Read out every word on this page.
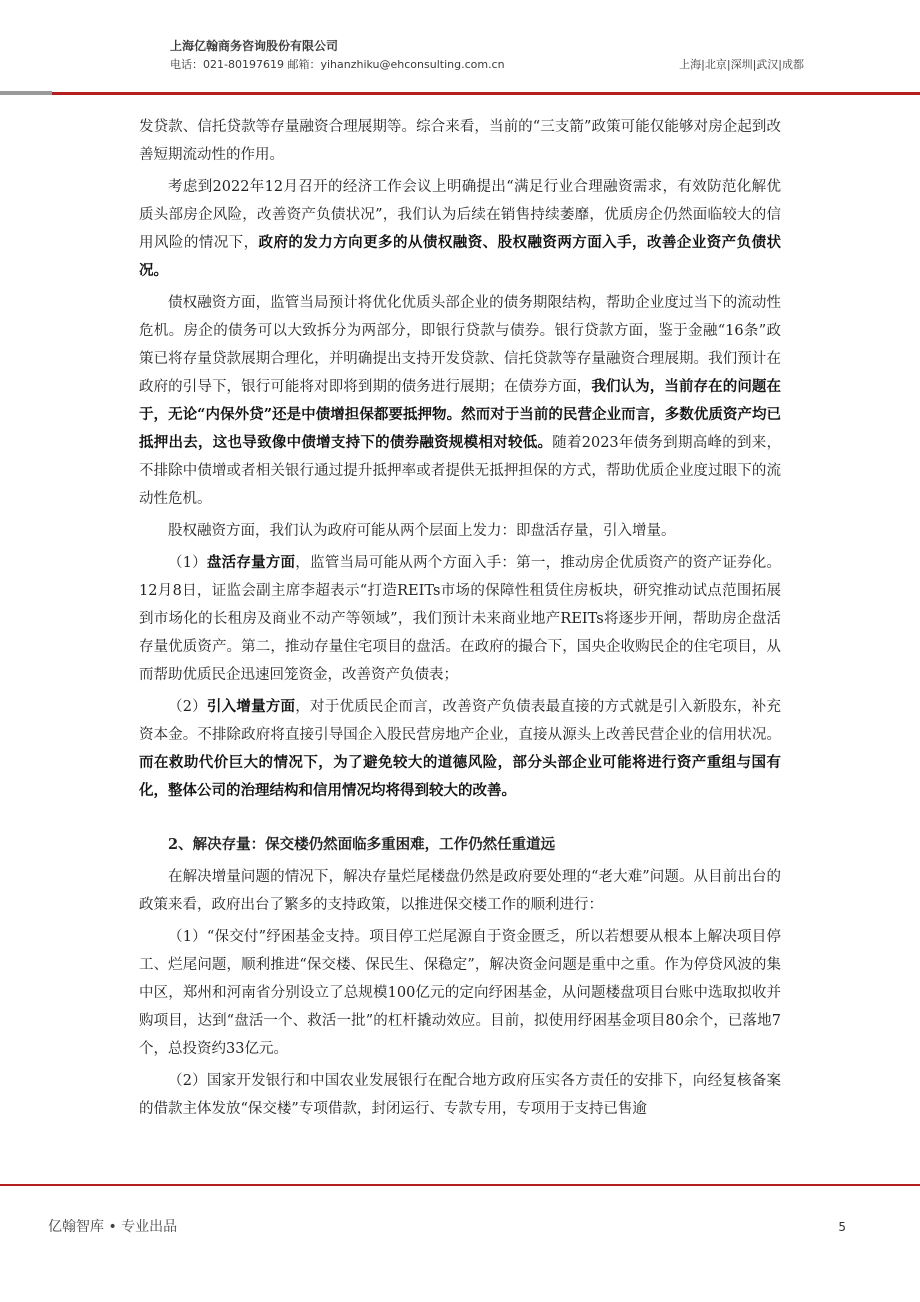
上海亿翰商务咨询股份有限公司
电话：021-80197619 邮箱：yihanzhiku@ehconsulting.com.cn	上海|北京|深圳|武汉|成都

发贷款、信托贷款等存量融资合理展期等。综合来看，当前的“三支箭”政策可能仅能够对房企起到改善短期流动性的作用。

考虑到2022年12月召开的经济工作会议上明确提出“满足行业合理融资需求，有效防范化解优质头部房企风险，改善资产负债状况”，我们认为后续在销售持续萎靡，优质房企仍然面临较大的信用风险的情况下，政府的发力方向更多的从债权融资、股权融资两方面入手，改善企业资产负债状况。

债权融资方面，监管当局预计将优化优质头部企业的债务期限结构，帮助企业度过当下的流动性危机。房企的债务可以大致拆分为两部分，即银行贷款与债券。银行贷款方面，鉴于金融“16条”政策已将存量贷款展期合理化，并明确提出支持开发贷款、信托贷款等存量融资合理展期。我们预计在政府的引导下，银行可能将对即将到期的债务进行展期；在债券方面，我们认为，当前存在的问题在于，无论“内保外贷”还是中债增担保都要抵押物。然而对于当前的民营企业而言，多数优质资产均已抵押出去，这也导致像中债增支持下的债券融资规模相对较低。随着2023年债务到期高峰的到来，不排除中债增或者相关银行通过提升抵押率或者提供无抵押担保的方式，帮助优质企业度过眼下的流动性危机。

股权融资方面，我们认为政府可能从两个层面上发力：即盘活存量，引入增量。

（1）盘活存量方面，监管当局可能从两个方面入手：第一，推动房企优质资产的资产证券化。12月8日，证监会副主席李超表示“打造REITs市场的保障性租赁住房板块，研究推动试点范围拓展到市场化的长租房及商业不动产等领域”，我们预计未来商业地产REITs将逐步开闸，帮助房企盘活存量优质资产。第二，推动存量住宅项目的盘活。在政府的撮合下，国央企收购民企的住宅项目，从而帮助优质民企迅速回笼资金，改善资产负债表；

（2）引入增量方面，对于优质民企而言，改善资产负债表最直接的方式就是引入新股东，补充资本金。不排除政府将直接引导国企入股民营房地产企业，直接从源头上改善民营企业的信用状况。而在救助代价巨大的情况下，为了避免较大的道德风险，部分头部企业可能将进行资产重组与国有化，整体公司的治理结构和信用情况均将得到较大的改善。

2、解决存量：保交楼仍然面临多重困难，工作仍然任重道远

在解决增量问题的情况下，解决存量烂尾楼盘仍然是政府要处理的“老大难”问题。从目前出台的政策来看，政府出台了繁多的支持政策，以推进保交楼工作的顺利进行：

（1）“保交付”纾困基金支持。项目停工烂尾源自于资金匮乏，所以若想要从根本上解决项目停工、烂尾问题，顺利推进“保交楼、保民生、保稳定”，解决资金问题是重中之重。作为停贷风波的集中区，郑州和河南省分别设立了总规模100亿元的定向纾困基金，从问题楼盘项目台账中选取拟收并购项目，达到“盘活一个、救活一批”的杠杆撬动效应。目前，拟使用纾困基金项目80余个，已落地7个，总投资约33亿元。

（2）国家开发银行和中国农业发展银行在配合地方政府压实各方责任的安排下，向经复核备案的借款主体发放“保交楼”专项借款，封闭运行、专款专用，专项用于支持已售逾

亿翰智库 • 专业出品	5
